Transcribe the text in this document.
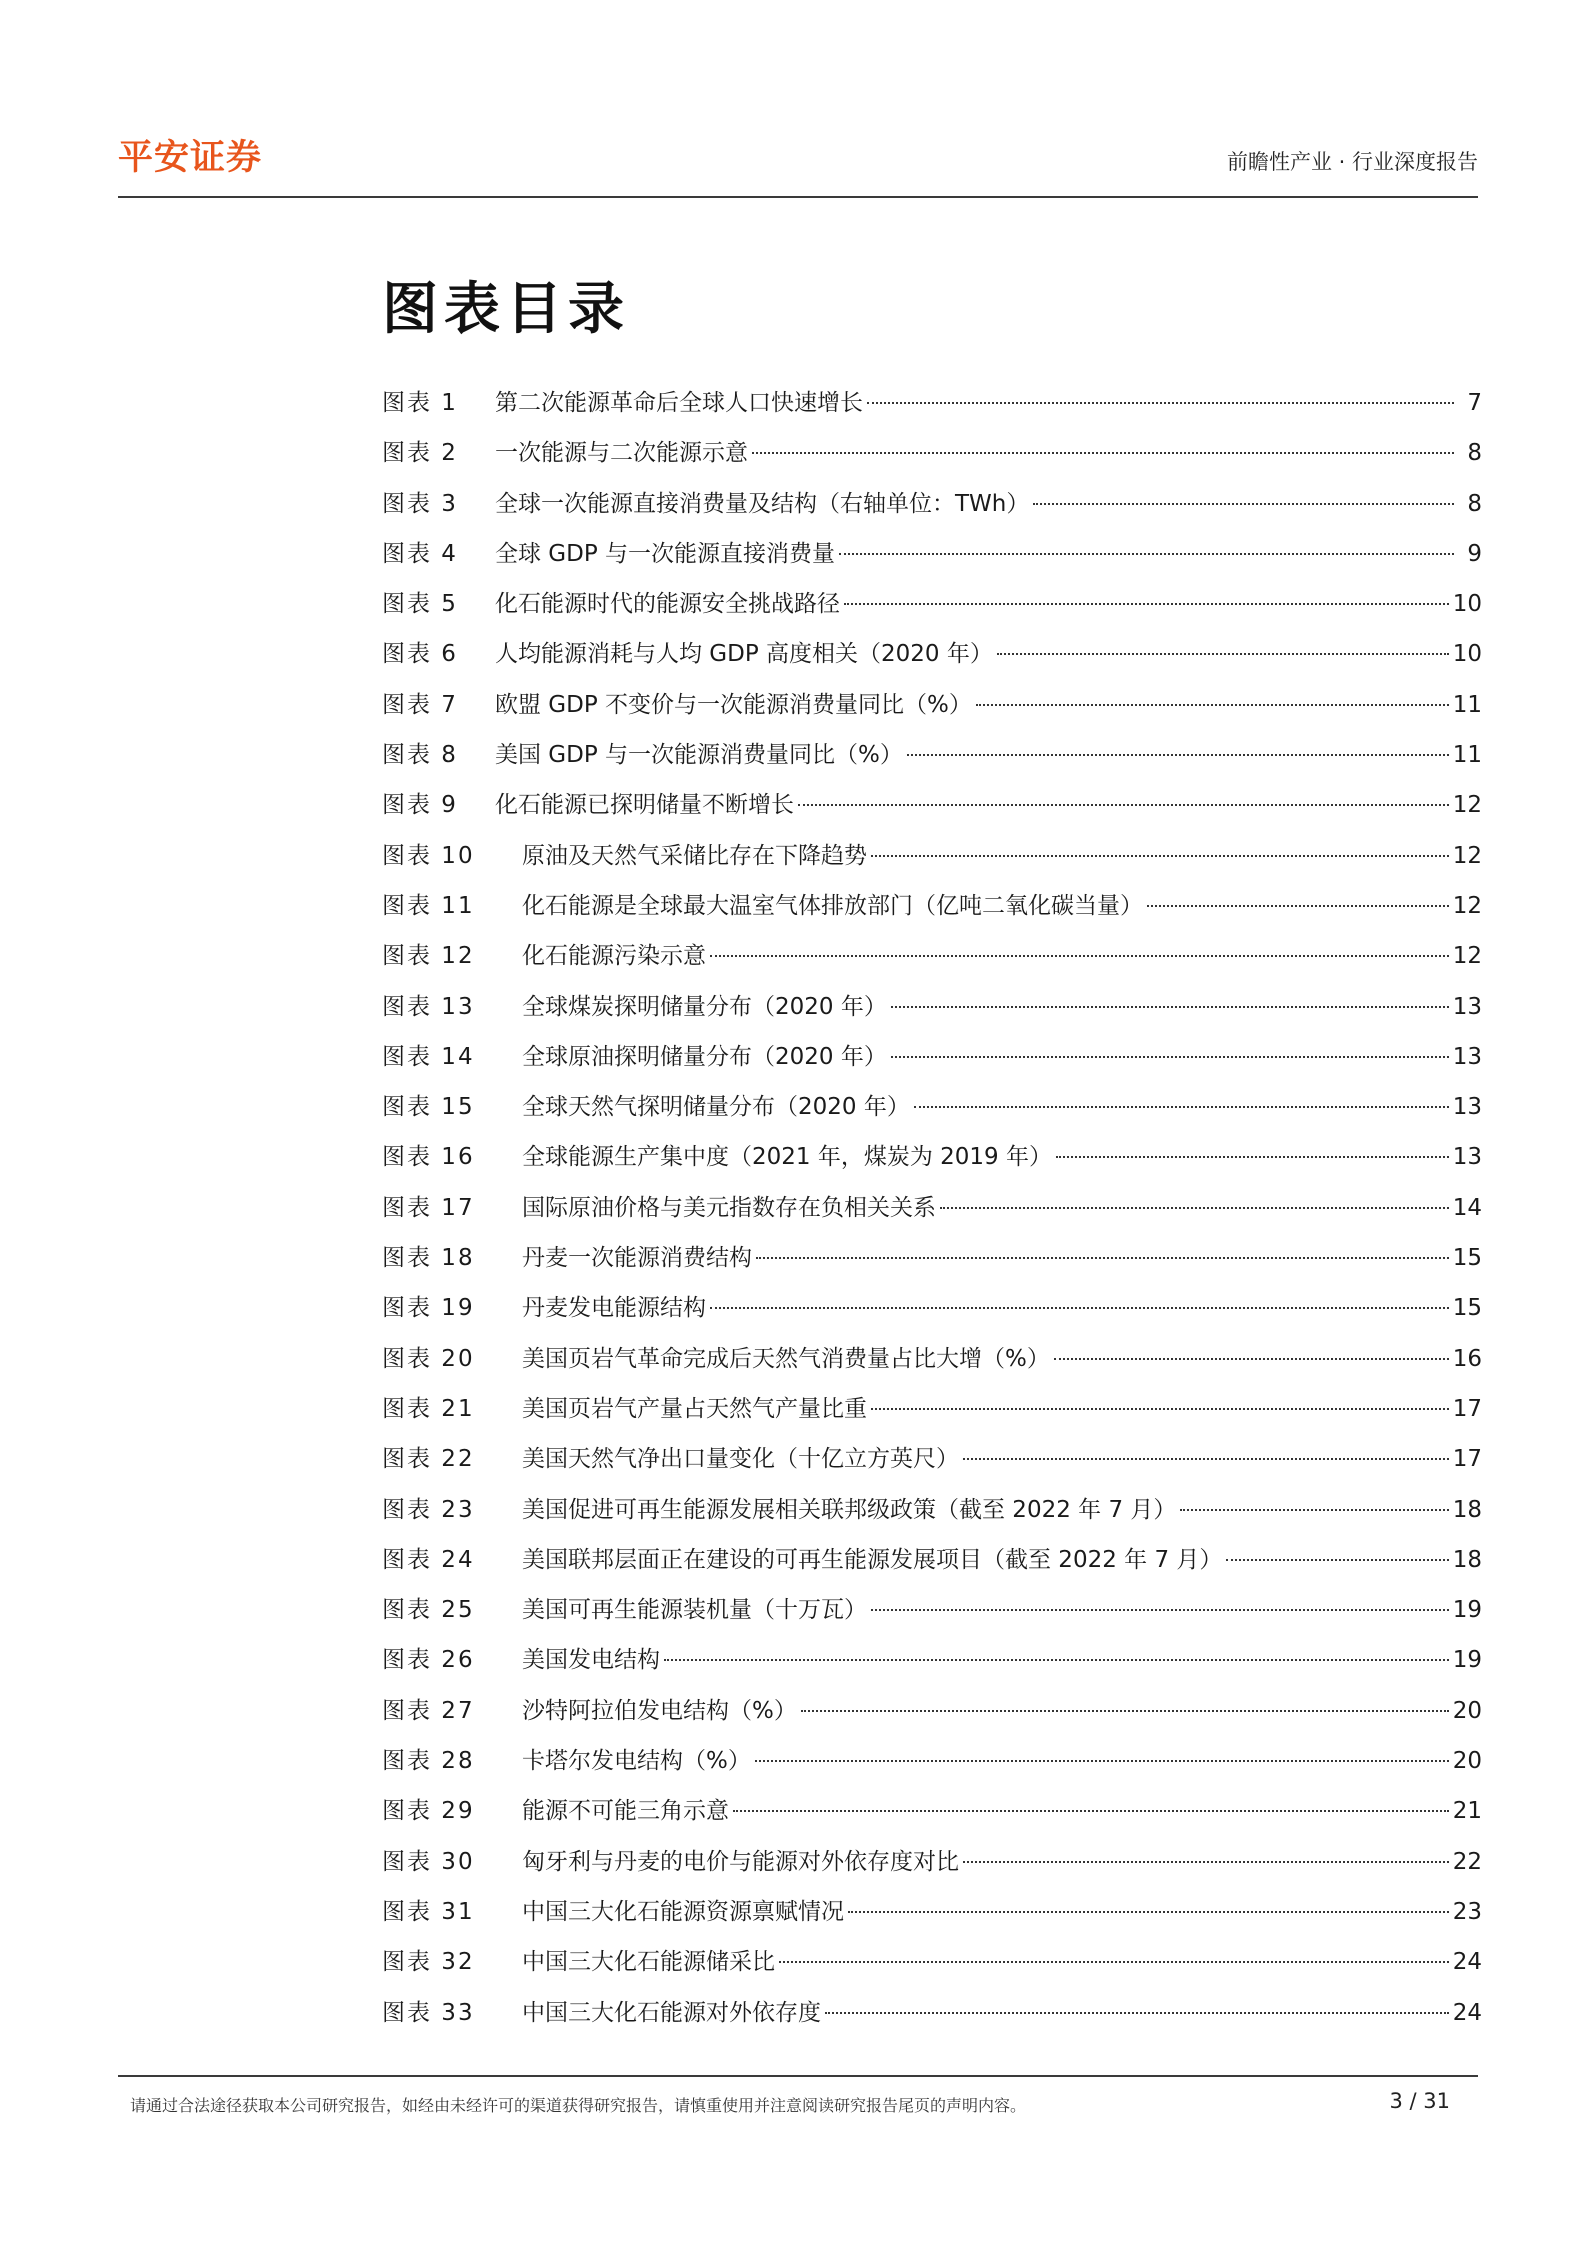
平安证券	前瞻性产业 · 行业深度报告
图表目录
图表 1	第二次能源革命后全球人口快速增长	7
图表 2	一次能源与二次能源示意	8
图表 3	全球一次能源直接消费量及结构（右轴单位：TWh）	8
图表 4	全球 GDP 与一次能源直接消费量	9
图表 5	化石能源时代的能源安全挑战路径	10
图表 6	人均能源消耗与人均 GDP 高度相关（2020 年）	10
图表 7	欧盟 GDP 不变价与一次能源消费量同比（%）	11
图表 8	美国 GDP 与一次能源消费量同比（%）	11
图表 9	化石能源已探明储量不断增长	12
图表 10	原油及天然气采储比存在下降趋势	12
图表 11	化石能源是全球最大温室气体排放部门（亿吨二氧化碳当量）	12
图表 12	化石能源污染示意	12
图表 13	全球煤炭探明储量分布（2020 年）	13
图表 14	全球原油探明储量分布（2020 年）	13
图表 15	全球天然气探明储量分布（2020 年）	13
图表 16	全球能源生产集中度（2021 年，煤炭为 2019 年）	13
图表 17	国际原油价格与美元指数存在负相关关系	14
图表 18	丹麦一次能源消费结构	15
图表 19	丹麦发电能源结构	15
图表 20	美国页岩气革命完成后天然气消费量占比大增（%）	16
图表 21	美国页岩气产量占天然气产量比重	17
图表 22	美国天然气净出口量变化（十亿立方英尺）	17
图表 23	美国促进可再生能源发展相关联邦级政策（截至 2022 年 7 月）	18
图表 24	美国联邦层面正在建设的可再生能源发展项目（截至 2022 年 7 月）	18
图表 25	美国可再生能源装机量（十万瓦）	19
图表 26	美国发电结构	19
图表 27	沙特阿拉伯发电结构（%）	20
图表 28	卡塔尔发电结构（%）	20
图表 29	能源不可能三角示意	21
图表 30	匈牙利与丹麦的电价与能源对外依存度对比	22
图表 31	中国三大化石能源资源禀赋情况	23
图表 32	中国三大化石能源储采比	24
图表 33	中国三大化石能源对外依存度	24
请通过合法途径获取本公司研究报告，如经由未经许可的渠道获得研究报告，请慎重使用并注意阅读研究报告尾页的声明内容。	3 / 31
